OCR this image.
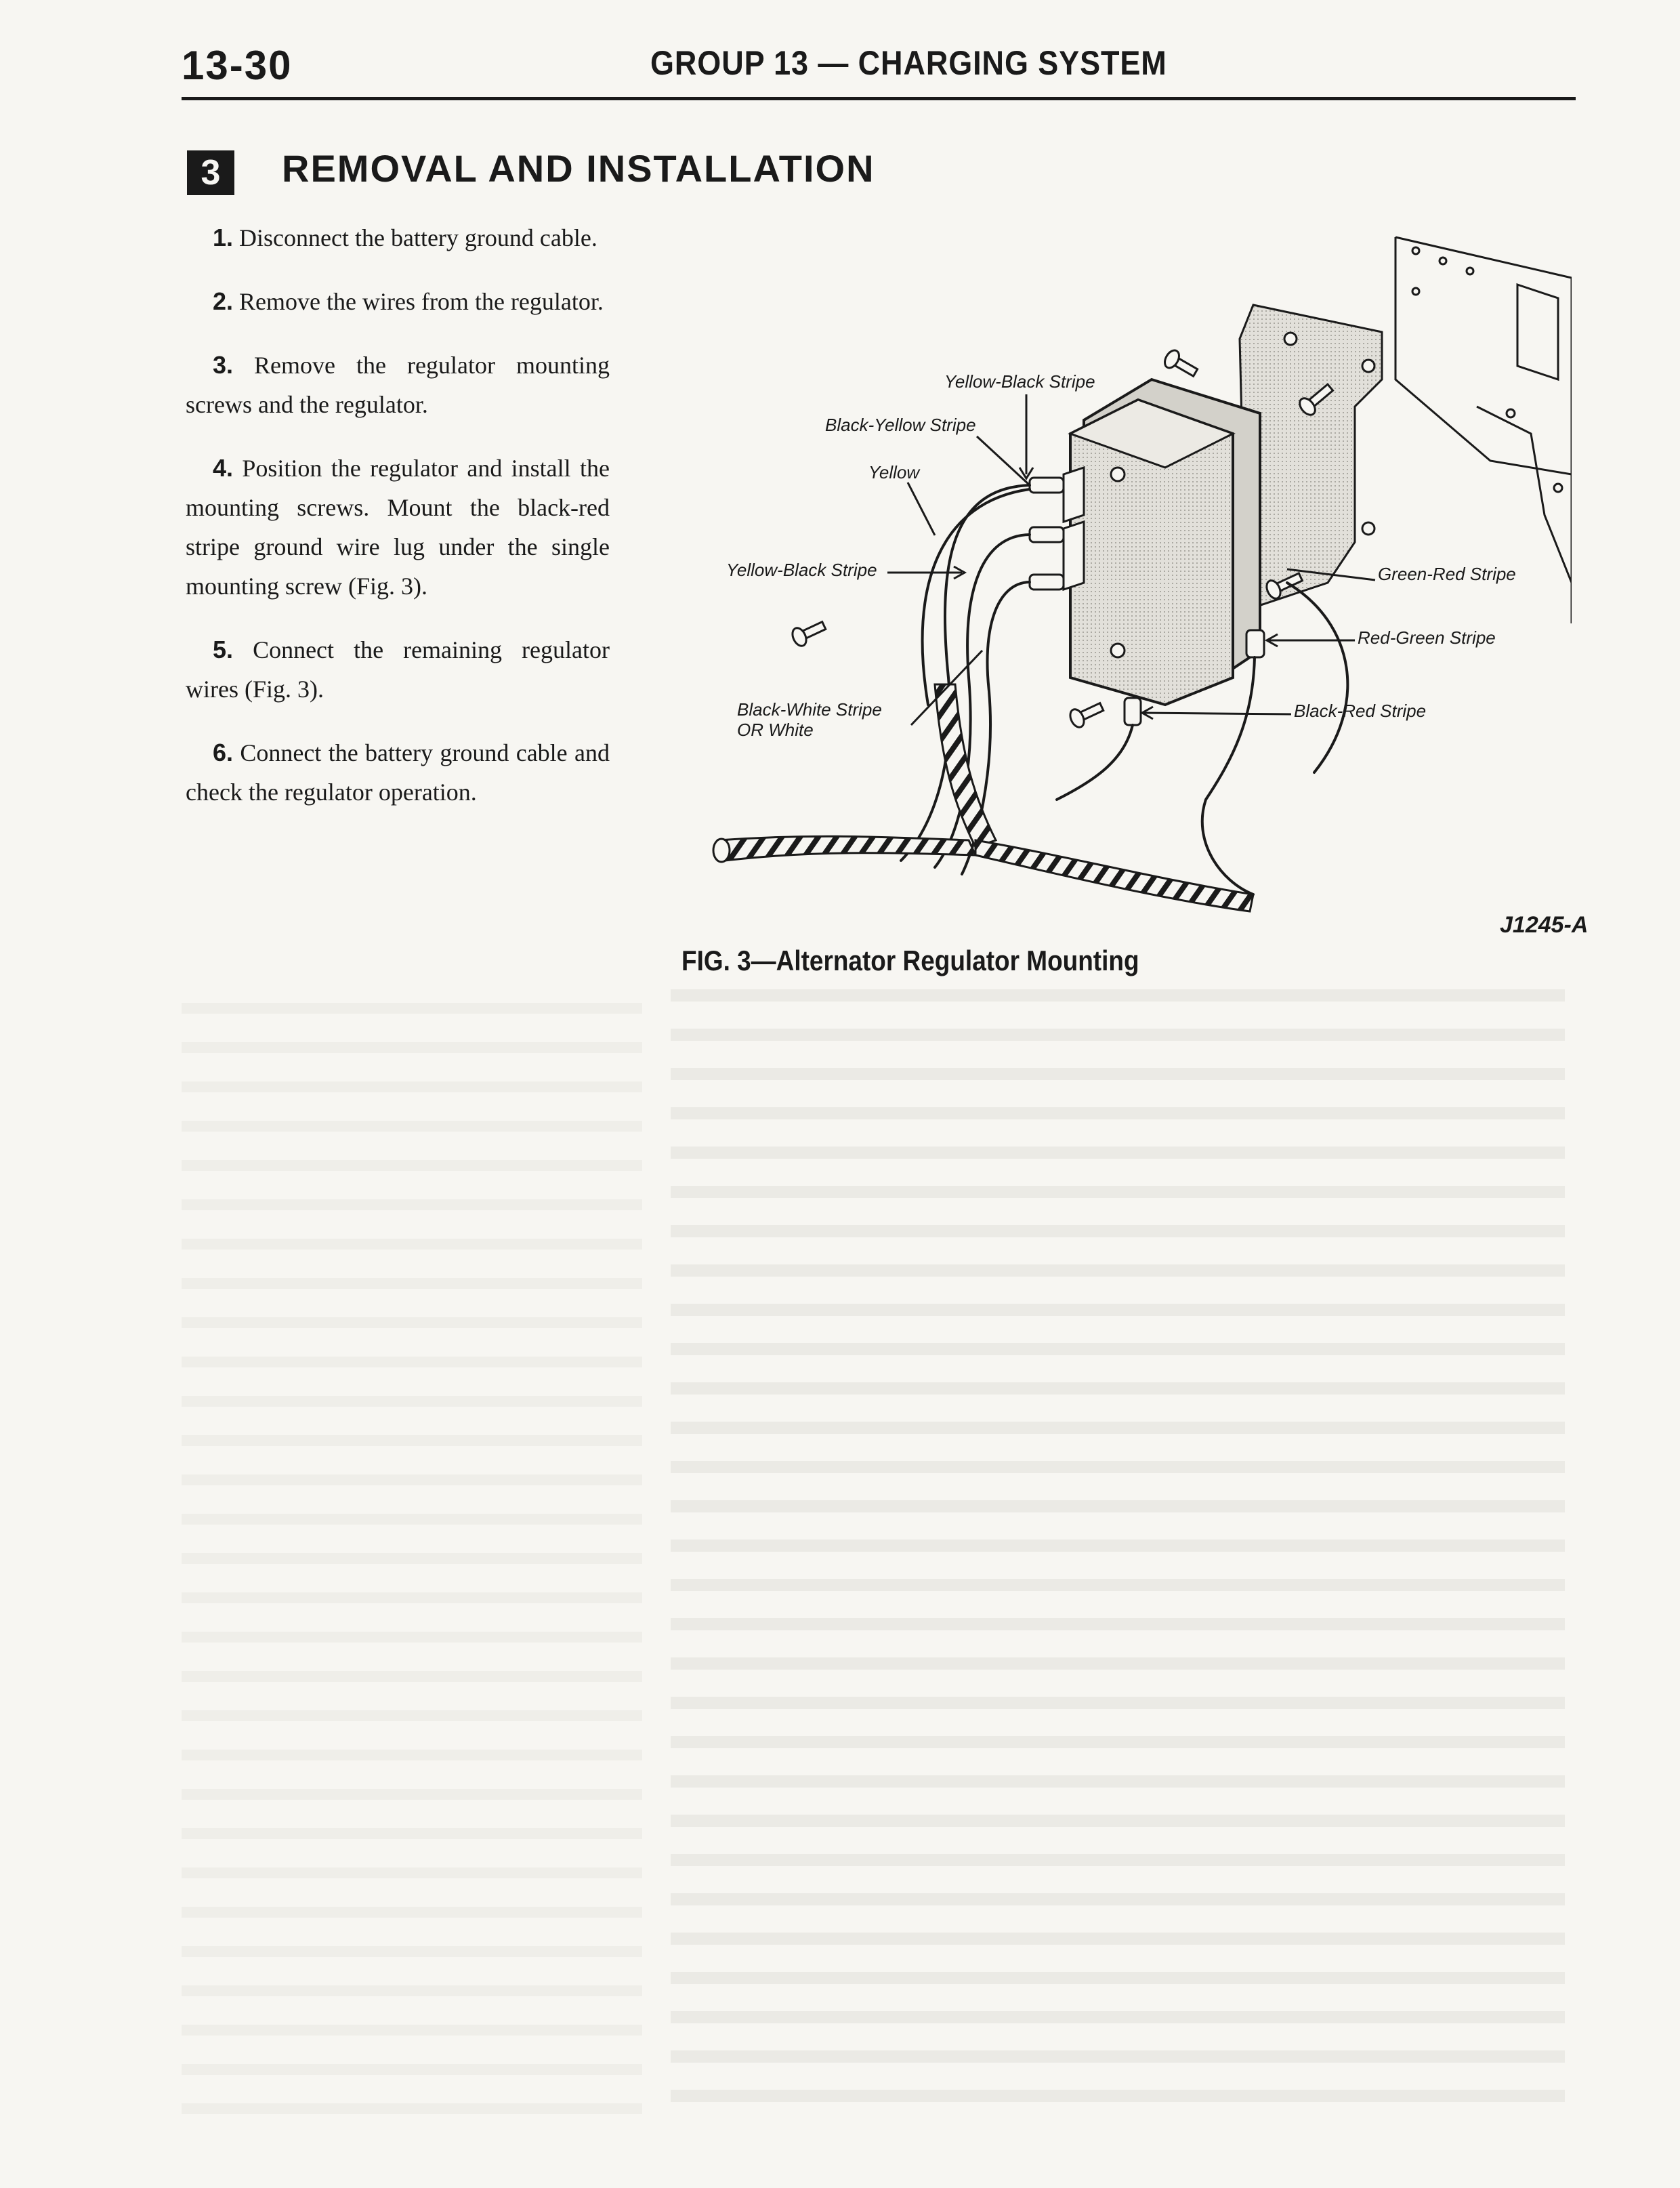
13-30	GROUP 13 — CHARGING SYSTEM
3	REMOVAL AND INSTALLATION

1. Disconnect the battery ground cable.

2. Remove the wires from the regulator.

3. Remove the regulator mounting screws and the regulator.

4. Position the regulator and install the mounting screws. Mount the black-red stripe ground wire lug under the single mounting screw (Fig. 3).

5. Connect the remaining regulator wires (Fig. 3).

6. Connect the battery ground cable and check the regulator operation.

Yellow-Black Stripe
Black-Yellow Stripe
Yellow
Yellow-Black Stripe
Black-White Stripe
OR White
Green-Red Stripe
Red-Green Stripe
Black-Red Stripe
J1245-A
FIG. 3—Alternator Regulator Mounting
